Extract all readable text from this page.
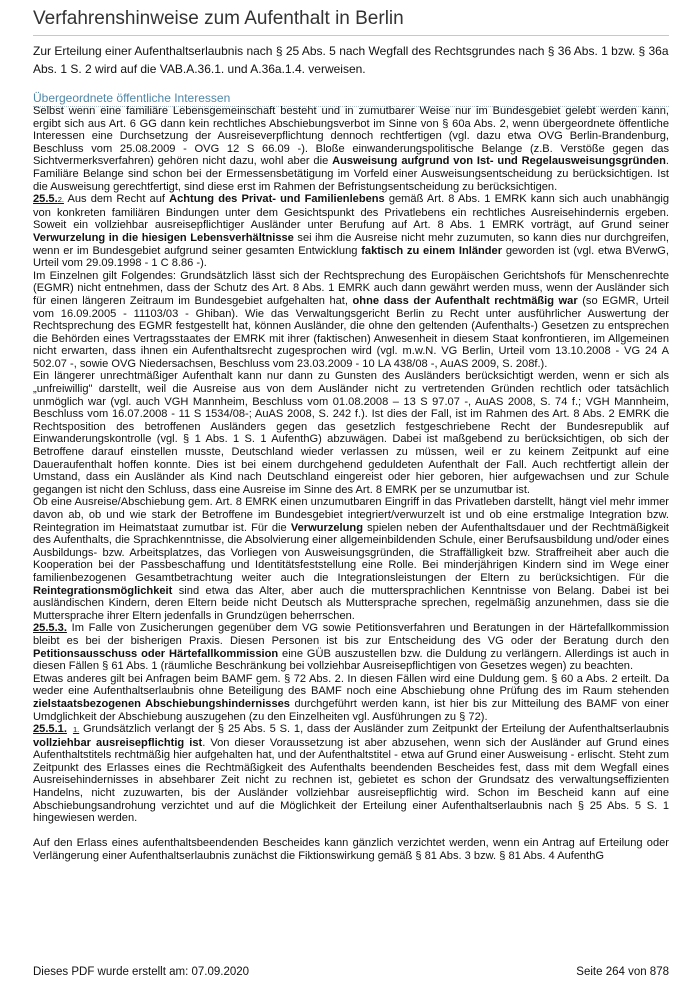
Verfahrenshinweise zum Aufenthalt in Berlin
Zur Erteilung einer Aufenthaltserlaubnis nach § 25 Abs. 5 nach Wegfall des Rechtsgrundes nach § 36 Abs. 1 bzw. § 36a Abs. 1 S. 2 wird auf die VAB.A.36.1. und A.36a.1.4. verweisen.
Übergeordnete öffentliche Interessen

Selbst wenn eine familiäre Lebensgemeinschaft besteht und in zumutbarer Weise nur im Bundesgebiet gelebt werden kann, ergibt sich aus Art. 6 GG dann kein rechtliches Abschiebungsverbot im Sinne von § 60a Abs. 2, wenn übergeordnete öffentliche Interessen eine Durchsetzung der Ausreiseverpflichtung dennoch rechtfertigen (vgl. dazu etwa OVG Berlin-Brandenburg, Beschluss vom 25.08.2009 - OVG 12 S 66.09 -). Bloße einwanderungspolitische Belange (z.B. Verstöße gegen das Sichtvermerksverfahren) gehören nicht dazu, wohl aber die Ausweisung aufgrund von Ist- und Regelausweisungsgründen. Familiäre Belange sind schon bei der Ermessensbetätigung im Vorfeld einer Ausweisungsentscheidung zu berücksichtigen. Ist die Ausweisung gerechtfertigt, sind diese erst im Rahmen der Befristungsentscheidung zu berücksichtigen.

25.5.2. Aus dem Recht auf Achtung des Privat- und Familienlebens gemäß Art. 8 Abs. 1 EMRK kann sich auch unabhängig von konkreten familiären Bindungen unter dem Gesichtspunkt des Privatlebens ein rechtliches Ausreisehindernis ergeben. Soweit ein vollziehbar ausreisepflichtiger Ausländer unter Berufung auf Art. 8 Abs. 1 EMRK vorträgt, auf Grund seiner Verwurzelung in die hiesigen Lebensverhältnisse sei ihm die Ausreise nicht mehr zuzumuten, so kann dies nur durchgreifen, wenn er im Bundesgebiet aufgrund seiner gesamten Entwicklung faktisch zu einem Inländer geworden ist (vgl. etwa BVerwG, Urteil vom 29.09.1998 - 1 C 8.86 -).

Im Einzelnen gilt Folgendes: Grundsätzlich lässt sich der Rechtsprechung des Europäischen Gerichtshofs für Menschenrechte (EGMR) nicht entnehmen, dass der Schutz des Art. 8 Abs. 1 EMRK auch dann gewährt werden muss, wenn der Ausländer sich für einen längeren Zeitraum im Bundesgebiet aufgehalten hat, ohne dass der Aufenthalt rechtmäßig war (so EGMR, Urteil vom 16.09.2005 - 11103/03 - Ghiban). Wie das Verwaltungsgericht Berlin zu Recht unter ausführlicher Auswertung der Rechtsprechung des EGMR festgestellt hat, können Ausländer, die ohne den geltenden (Aufenthalts-) Gesetzen zu entsprechen die Behörden eines Vertragsstaates der EMRK mit ihrer (faktischen) Anwesenheit in diesem Staat konfrontieren, im Allgemeinen nicht erwarten, dass ihnen ein Aufenthaltsrecht zugesprochen wird (vgl. m.w.N. VG Berlin, Urteil vom 13.10.2008 - VG 24 A 502.07 -, sowie OVG Niedersachsen, Beschluss vom 23.03.2009 - 10 LA 438/08 -, AuAS 2009, S. 208f.).

Ein längerer unrechtmäßiger Aufenthalt kann nur dann zu Gunsten des Ausländers berücksichtigt werden, wenn er sich als „unfreiwillig" darstellt, weil die Ausreise aus von dem Ausländer nicht zu vertretenden Gründen rechtlich oder tatsächlich unmöglich war (vgl. auch VGH Mannheim, Beschluss vom 01.08.2008 – 13 S 97.07 -, AuAS 2008, S. 74 f.; VGH Mannheim, Beschluss vom 16.07.2008 - 11 S 1534/08-; AuAS 2008, S. 242 f.). Ist dies der Fall, ist im Rahmen des Art. 8 Abs. 2 EMRK die Rechtsposition des betroffenen Ausländers gegen das gesetzlich festgeschriebene Recht der Bundesrepublik auf Einwanderungskontrolle (vgl. § 1 Abs. 1 S. 1 AufenthG) abzuwägen. Dabei ist maßgebend zu berücksichtigen, ob sich der Betroffene darauf einstellen musste, Deutschland wieder verlassen zu müssen, weil er zu keinem Zeitpunkt auf eine Daueraufenthalt hoffen konnte. Dies ist bei einem durchgehend geduldeten Aufenthalt der Fall. Auch rechtfertigt allein der Umstand, dass ein Ausländer als Kind nach Deutschland eingereist oder hier geboren, hier aufgewachsen und zur Schule gegangen ist nicht den Schluss, dass eine Ausreise im Sinne des Art. 8 EMRK per se unzumutbar ist.

Ob eine Ausreise/Abschiebung gem. Art. 8 EMRK einen unzumutbaren Eingriff in das Privatleben darstellt, hängt viel mehr immer davon ab, ob und wie stark der Betroffene im Bundesgebiet integriert/verwurzelt ist und ob eine erstmalige Integration bzw. Reintegration im Heimatstaat zumutbar ist. Für die Verwurzelung spielen neben der Aufenthaltsdauer und der Rechtmäßigkeit des Aufenthalts, die Sprachkenntnisse, die Absolvierung einer allgemeinbildenden Schule, einer Berufsausbildung und/oder eines Ausbildungs- bzw. Arbeitsplatzes, das Vorliegen von Ausweisungsgründen, die Straffälligkeit bzw. Straffreiheit aber auch die Kooperation bei der Passbeschaffung und Identitätsfeststellung eine Rolle. Bei minderjährigen Kindern sind im Wege einer familienbezogenen Gesamtbetrachtung weiter auch die Integrationsleistungen der Eltern zu berücksichtigen. Für die Reintegrationsmöglichkeit sind etwa das Alter, aber auch die muttersprachlichen Kenntnisse von Belang. Dabei ist bei ausländischen Kindern, deren Eltern beide nicht Deutsch als Muttersprache sprechen, regelmäßig anzunehmen, dass sie die Muttersprache ihrer Eltern jedenfalls in Grundzügen beherrschen.

25.5.3. Im Falle von Zusicherungen gegenüber dem VG sowie Petitionsverfahren und Beratungen in der Härtefallkommission bleibt es bei der bisherigen Praxis. Diesen Personen ist bis zur Entscheidung des VG oder der Beratung durch den Petitionsausschuss oder Härtefallkommission eine GÜB auszustellen bzw. die Duldung zu verlängern. Allerdings ist auch in diesen Fällen § 61 Abs. 1 (räumliche Beschränkung bei vollziehbar Ausreisepflichtigen von Gesetzes wegen) zu beachten.

Etwas anderes gilt bei Anfragen beim BAMF gem. § 72 Abs. 2. In diesen Fällen wird eine Duldung gem. § 60 a Abs. 2 erteilt. Da weder eine Aufenthaltserlaubnis ohne Beteiligung des BAMF noch eine Abschiebung ohne Prüfung des im Raum stehenden zielstaatsbezogenen Abschiebungshindernisses durchgeführt werden kann, ist hier bis zur Mitteilung des BAMF von einer Umdglichkeit der Abschiebung auszugehen (zu den Einzelheiten vgl. Ausführungen zu § 72).

25.5.1. 1. Grundsätzlich verlangt der § 25 Abs. 5 S. 1, dass der Ausländer zum Zeitpunkt der Erteilung der Aufenthaltserlaubnis vollziehbar ausreisepflichtig ist. Von dieser Voraussetzung ist aber abzusehen, wenn sich der Ausländer auf Grund eines Aufenthaltstitels rechtmäßig hier aufgehalten hat, und der Aufenthaltstitel - etwa auf Grund einer Ausweisung - erlischt. Steht zum Zeitpunkt des Erlasses eines die Rechtmäßigkeit des Aufenthalts beendenden Bescheides fest, dass mit dem Wegfall eines Ausreisehindernisses in absehbarer Zeit nicht zu rechnen ist, gebietet es schon der Grundsatz des verwaltungseffizienten Handelns, nicht zuzuwarten, bis der Ausländer vollziehbar ausreisepflichtig wird. Schon im Bescheid kann auf eine Abschiebungsandrohung verzichtet und auf die Möglichkeit der Erteilung einer Aufenthaltserlaubnis nach § 25 Abs. 5 S. 1 hingewiesen werden.

Auf den Erlass eines aufenthaltsbeendenden Bescheides kann gänzlich verzichtet werden, wenn ein Antrag auf Erteilung oder Verlängerung einer Aufenthaltserlaubnis zunächst die Fiktionswirkung gemäß § 81 Abs. 3 bzw. § 81 Abs. 4 AufenthG

Dieses PDF wurde erstellt am: 07.09.2020	Seite 264 von 878
